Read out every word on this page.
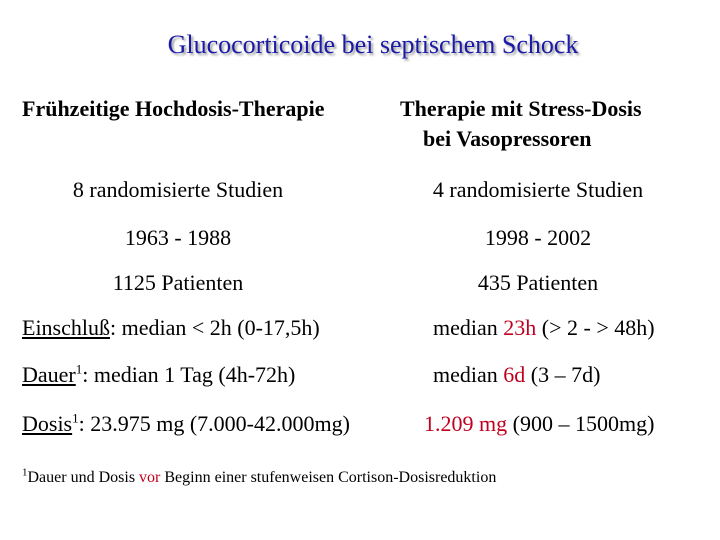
Glucocorticoide bei septischem Schock
Frühzeitige Hochdosis-Therapie	Therapie mit Stress-Dosis
bei Vasopressoren
8 randomisierte Studien	4 randomisierte Studien
1963 - 1988	1998 - 2002
1125 Patienten	435 Patienten
Einschluß: median < 2h (0-17,5h)	median 23h (> 2 - > 48h)
Dauer$^1$: median 1 Tag (4h-72h)	median 6d (3 – 7d)
Dosis$^1$: 23.975 mg (7.000-42.000mg)	1.209 mg (900 – 1500mg)
$^1$Dauer und Dosis vor Beginn einer stufenweisen Cortison-Dosisreduktion
